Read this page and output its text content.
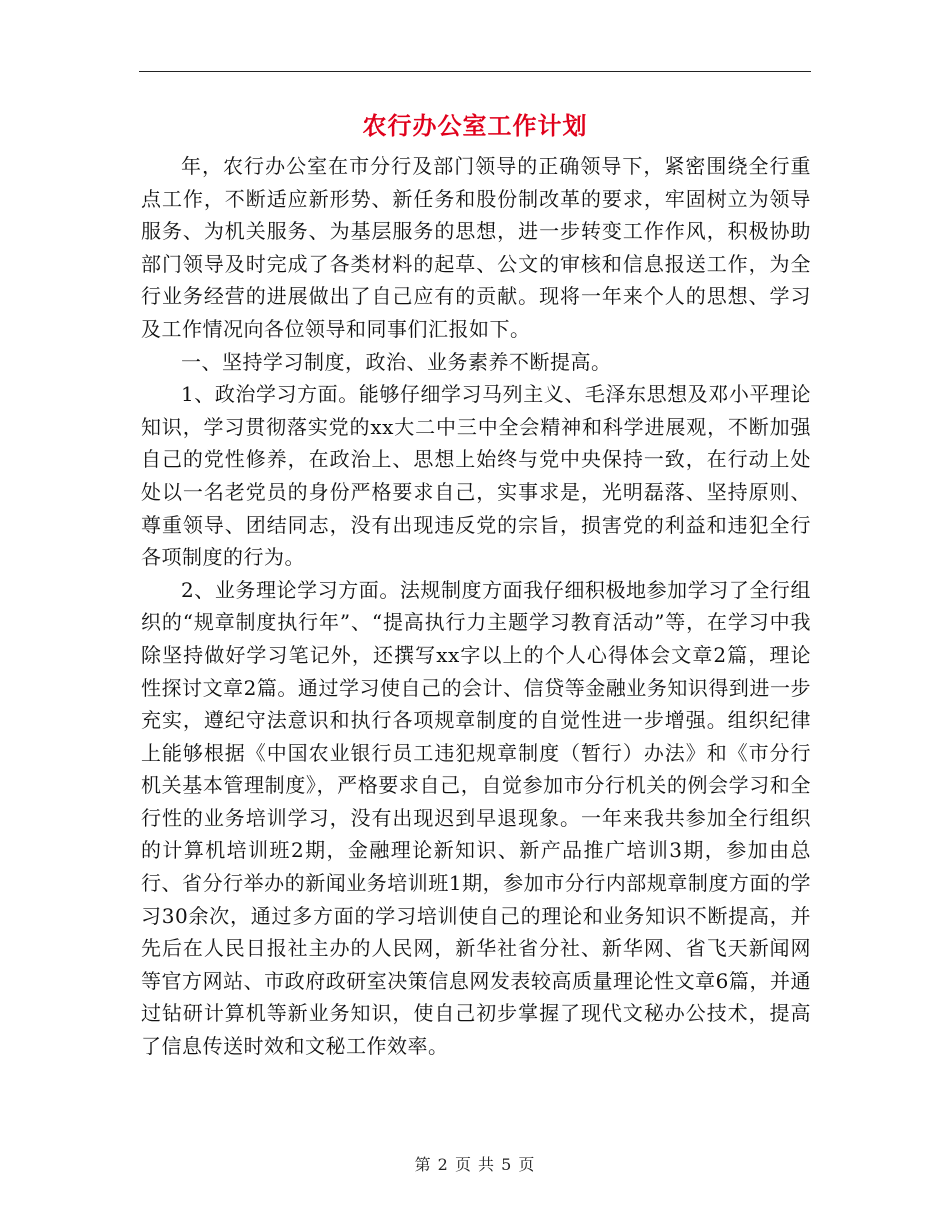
农行办公室工作计划

年，农行办公室在市分行及部门领导的正确领导下，紧密围绕全行重点工作，不断适应新形势、新任务和股份制改革的要求，牢固树立为领导服务、为机关服务、为基层服务的思想，进一步转变工作作风，积极协助部门领导及时完成了各类材料的起草、公文的审核和信息报送工作，为全行业务经营的进展做出了自己应有的贡献。现将一年来个人的思想、学习及工作情况向各位领导和同事们汇报如下。

一、坚持学习制度，政治、业务素养不断提高。

1、政治学习方面。能够仔细学习马列主义、毛泽东思想及邓小平理论知识，学习贯彻落实党的xx大二中三中全会精神和科学进展观，不断加强自己的党性修养，在政治上、思想上始终与党中央保持一致，在行动上处处以一名老党员的身份严格要求自己，实事求是，光明磊落、坚持原则、尊重领导、团结同志，没有出现违反党的宗旨，损害党的利益和违犯全行各项制度的行为。

2、业务理论学习方面。法规制度方面我仔细积极地参加学习了全行组织的“规章制度执行年”、“提高执行力主题学习教育活动”等，在学习中我除坚持做好学习笔记外，还撰写xx字以上的个人心得体会文章2篇，理论性探讨文章2篇。通过学习使自己的会计、信贷等金融业务知识得到进一步充实，遵纪守法意识和执行各项规章制度的自觉性进一步增强。组织纪律上能够根据《中国农业银行员工违犯规章制度（暂行）办法》和《市分行机关基本管理制度》，严格要求自己，自觉参加市分行机关的例会学习和全行性的业务培训学习，没有出现迟到早退现象。一年来我共参加全行组织的计算机培训班2期，金融理论新知识、新产品推广培训3期，参加由总行、省分行举办的新闻业务培训班1期，参加市分行内部规章制度方面的学习30余次，通过多方面的学习培训使自己的理论和业务知识不断提高，并先后在人民日报社主办的人民网，新华社省分社、新华网、省飞天新闻网等官方网站、市政府政研室决策信息网发表较高质量理论性文章6篇，并通过钻研计算机等新业务知识，使自己初步掌握了现代文秘办公技术，提高了信息传送时效和文秘工作效率。

第 2 页 共 5 页
